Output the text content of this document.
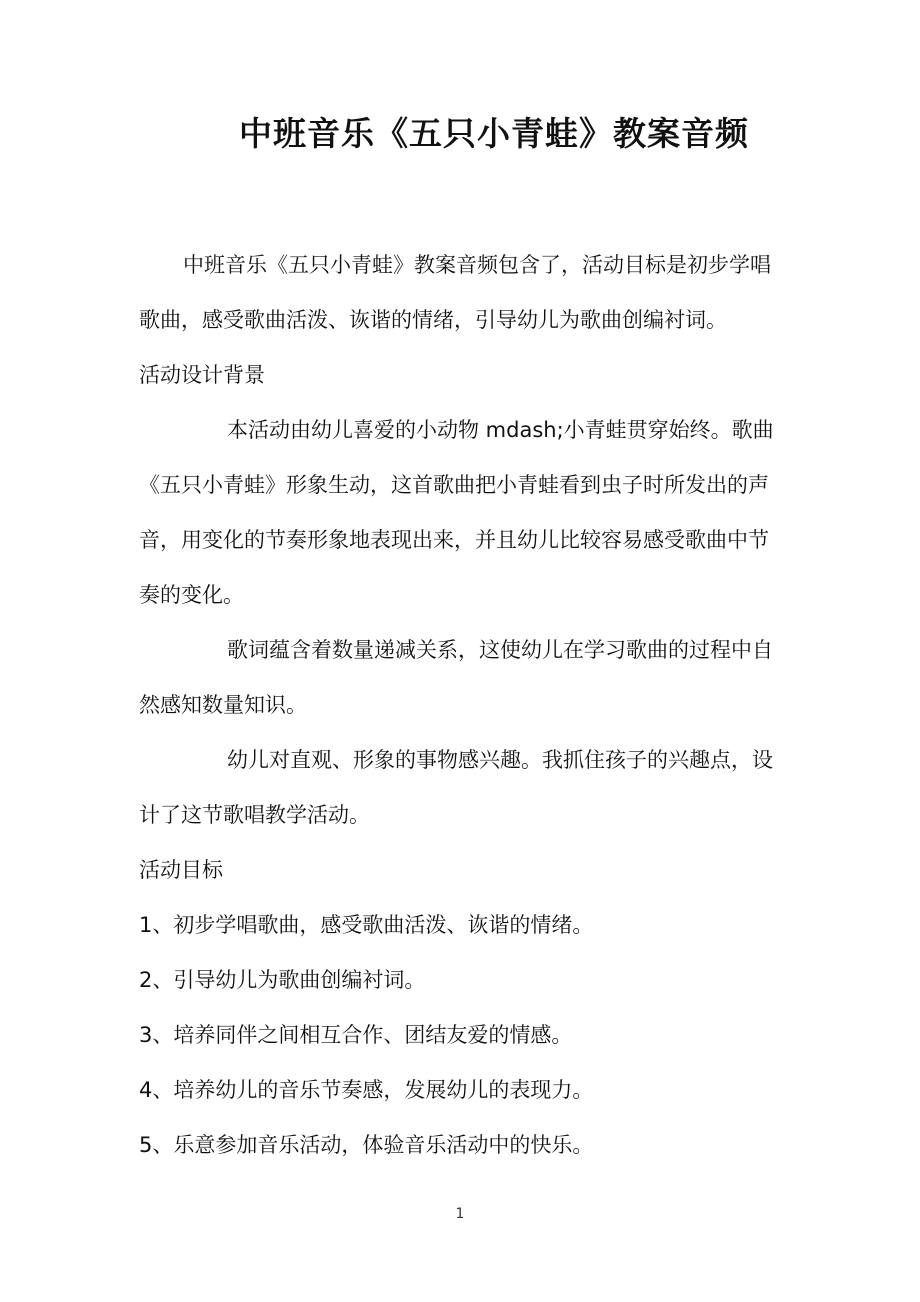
中班音乐《五只小青蛙》教案音频

中班音乐《五只小青蛙》教案音频包含了，活动目标是初步学唱歌曲，感受歌曲活泼、诙谐的情绪，引导幼儿为歌曲创编衬词。

活动设计背景

本活动由幼儿喜爱的小动物 mdash;小青蛙贯穿始终。歌曲《五只小青蛙》形象生动，这首歌曲把小青蛙看到虫子时所发出的声音，用变化的节奏形象地表现出来，并且幼儿比较容易感受歌曲中节奏的变化。

歌词蕴含着数量递减关系，这使幼儿在学习歌曲的过程中自然感知数量知识。

幼儿对直观、形象的事物感兴趣。我抓住孩子的兴趣点，设计了这节歌唱教学活动。

活动目标

1、初步学唱歌曲，感受歌曲活泼、诙谐的情绪。

2、引导幼儿为歌曲创编衬词。

3、培养同伴之间相互合作、团结友爱的情感。

4、培养幼儿的音乐节奏感，发展幼儿的表现力。

5、乐意参加音乐活动，体验音乐活动中的快乐。

1
